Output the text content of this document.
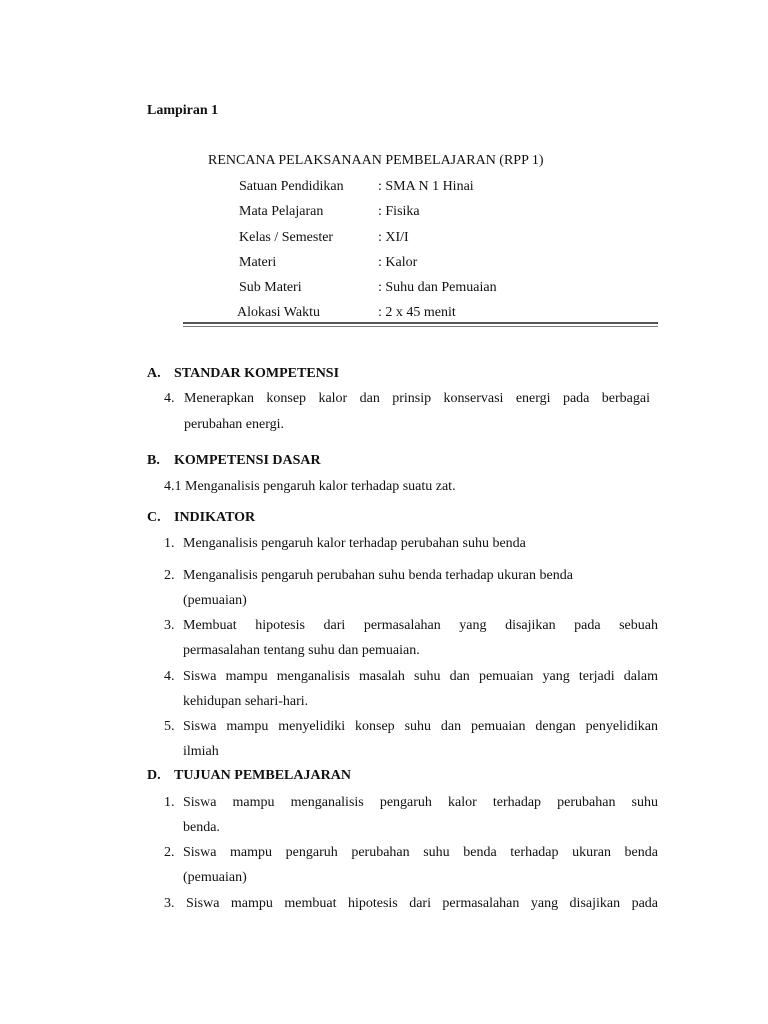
Lampiran 1
RENCANA PELAKSANAAN PEMBELAJARAN (RPP 1)
Satuan Pendidikan : SMA N 1 Hinai
Mata Pelajaran	: Fisika
Kelas / Semester	: XI/I
Materi	: Kalor
Sub Materi	: Suhu dan Pemuaian
Alokasi Waktu	: 2 x 45 menit
A. STANDAR KOMPETENSI
4. Menerapkan konsep kalor dan prinsip konservasi energi pada berbagai
perubahan energi.
B. KOMPETENSI DASAR
4.1 Menganalisis pengaruh kalor terhadap suatu zat.
C. INDIKATOR
1. Menganalisis pengaruh kalor terhadap perubahan suhu benda
2. Menganalisis pengaruh perubahan suhu benda terhadap ukuran benda
(pemuaian)
3. Membuat hipotesis dari permasalahan yang disajikan pada sebuah
permasalahan tentang suhu dan pemuaian.
4. Siswa mampu menganalisis masalah suhu dan pemuaian yang terjadi dalam
kehidupan sehari-hari.
5. Siswa mampu menyelidiki konsep suhu dan pemuaian dengan penyelidikan
ilmiah
D. TUJUAN PEMBELAJARAN
1. Siswa mampu menganalisis pengaruh kalor terhadap perubahan suhu
benda.
2. Siswa mampu pengaruh perubahan suhu benda terhadap ukuran benda
(pemuaian)
3. Siswa mampu membuat hipotesis dari permasalahan yang disajikan pada
